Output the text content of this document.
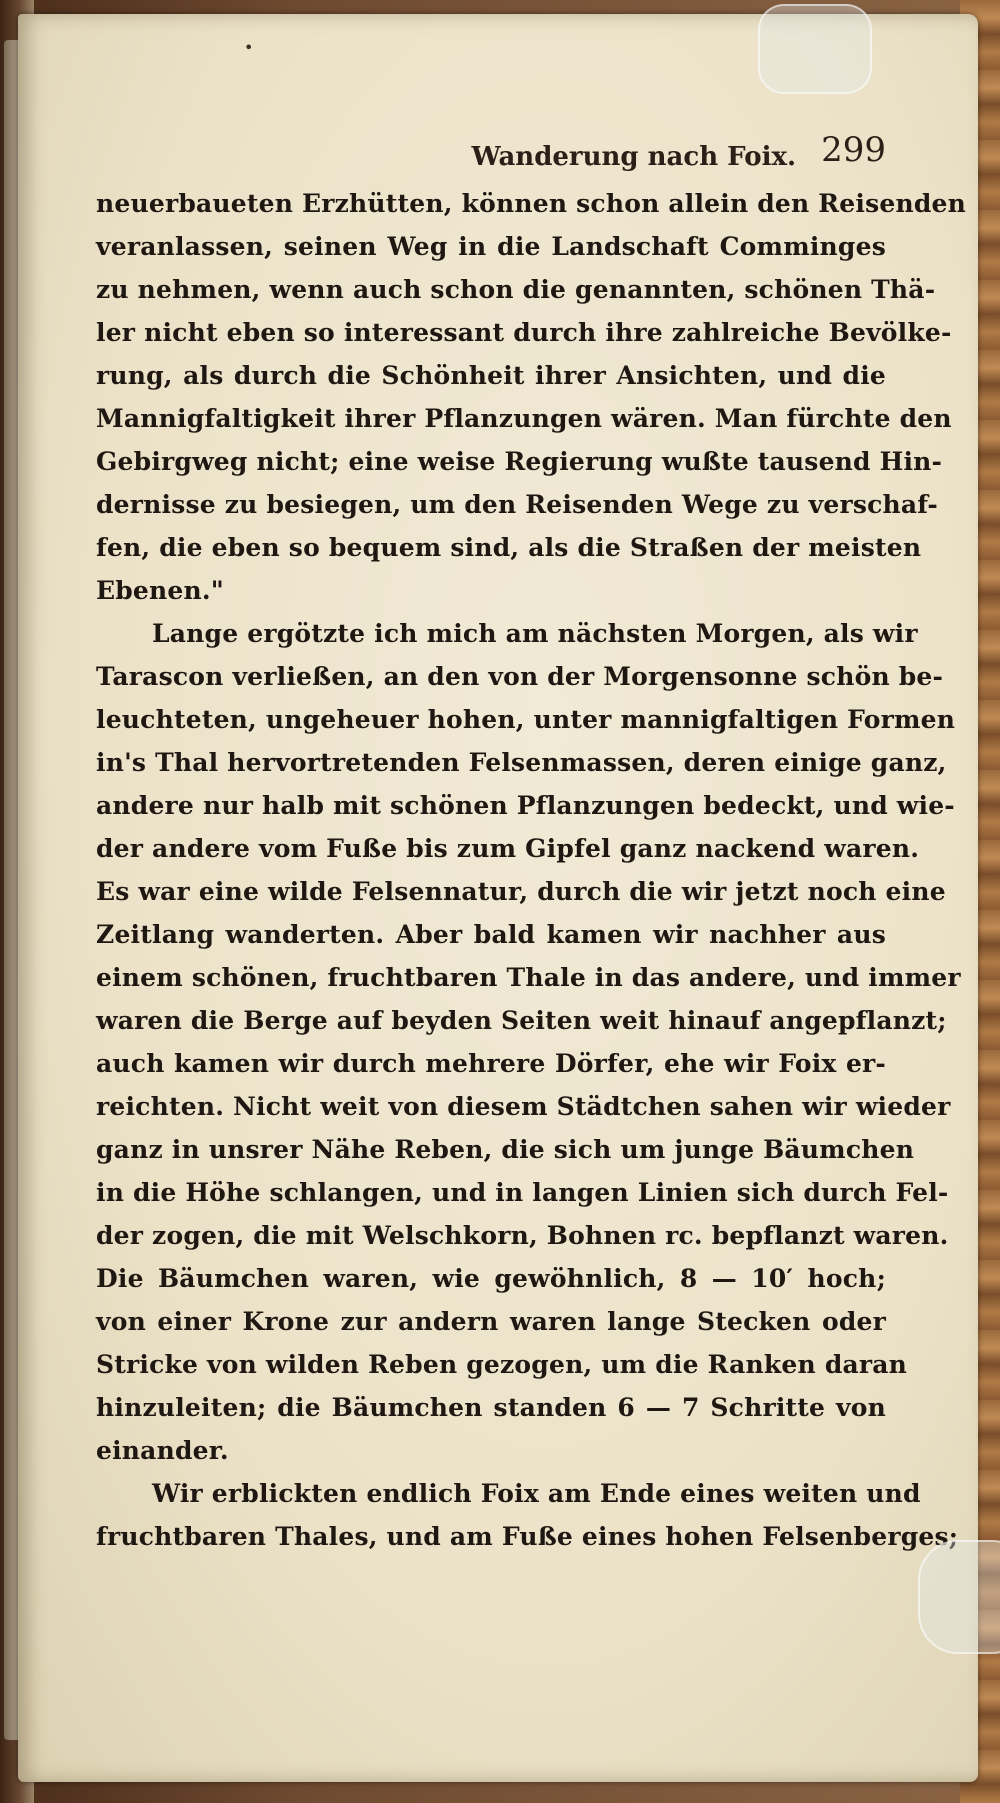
•
Wanderung nach Foix. 299
neuerbaueten Erzhütten, können schon allein den Reisenden
veranlassen, seinen Weg in die Landschaft Comminges
zu nehmen, wenn auch schon die genannten, schönen Thä-
ler nicht eben so interessant durch ihre zahlreiche Bevölke-
rung, als durch die Schönheit ihrer Ansichten, und die
Mannigfaltigkeit ihrer Pflanzungen wären. Man fürchte den
Gebirgweg nicht; eine weise Regierung wußte tausend Hin-
dernisse zu besiegen, um den Reisenden Wege zu verschaf-
fen, die eben so bequem sind, als die Straßen der meisten
Ebenen."
Lange ergötzte ich mich am nächsten Morgen, als wir
Tarascon verließen, an den von der Morgensonne schön be-
leuchteten, ungeheuer hohen, unter mannigfaltigen Formen
in's Thal hervortretenden Felsenmassen, deren einige ganz,
andere nur halb mit schönen Pflanzungen bedeckt, und wie-
der andere vom Fuße bis zum Gipfel ganz nackend waren.
Es war eine wilde Felsennatur, durch die wir jetzt noch eine
Zeitlang wanderten. Aber bald kamen wir nachher aus
einem schönen, fruchtbaren Thale in das andere, und immer
waren die Berge auf beyden Seiten weit hinauf angepflanzt;
auch kamen wir durch mehrere Dörfer, ehe wir Foix er-
reichten. Nicht weit von diesem Städtchen sahen wir wieder
ganz in unsrer Nähe Reben, die sich um junge Bäumchen
in die Höhe schlangen, und in langen Linien sich durch Fel-
der zogen, die mit Welschkorn, Bohnen rc. bepflanzt waren.
Die Bäumchen waren, wie gewöhnlich, 8 — 10′ hoch;
von einer Krone zur andern waren lange Stecken oder
Stricke von wilden Reben gezogen, um die Ranken daran
hinzuleiten; die Bäumchen standen 6 — 7 Schritte von
einander.
Wir erblickten endlich Foix am Ende eines weiten und
fruchtbaren Thales, und am Fuße eines hohen Felsenberges;
